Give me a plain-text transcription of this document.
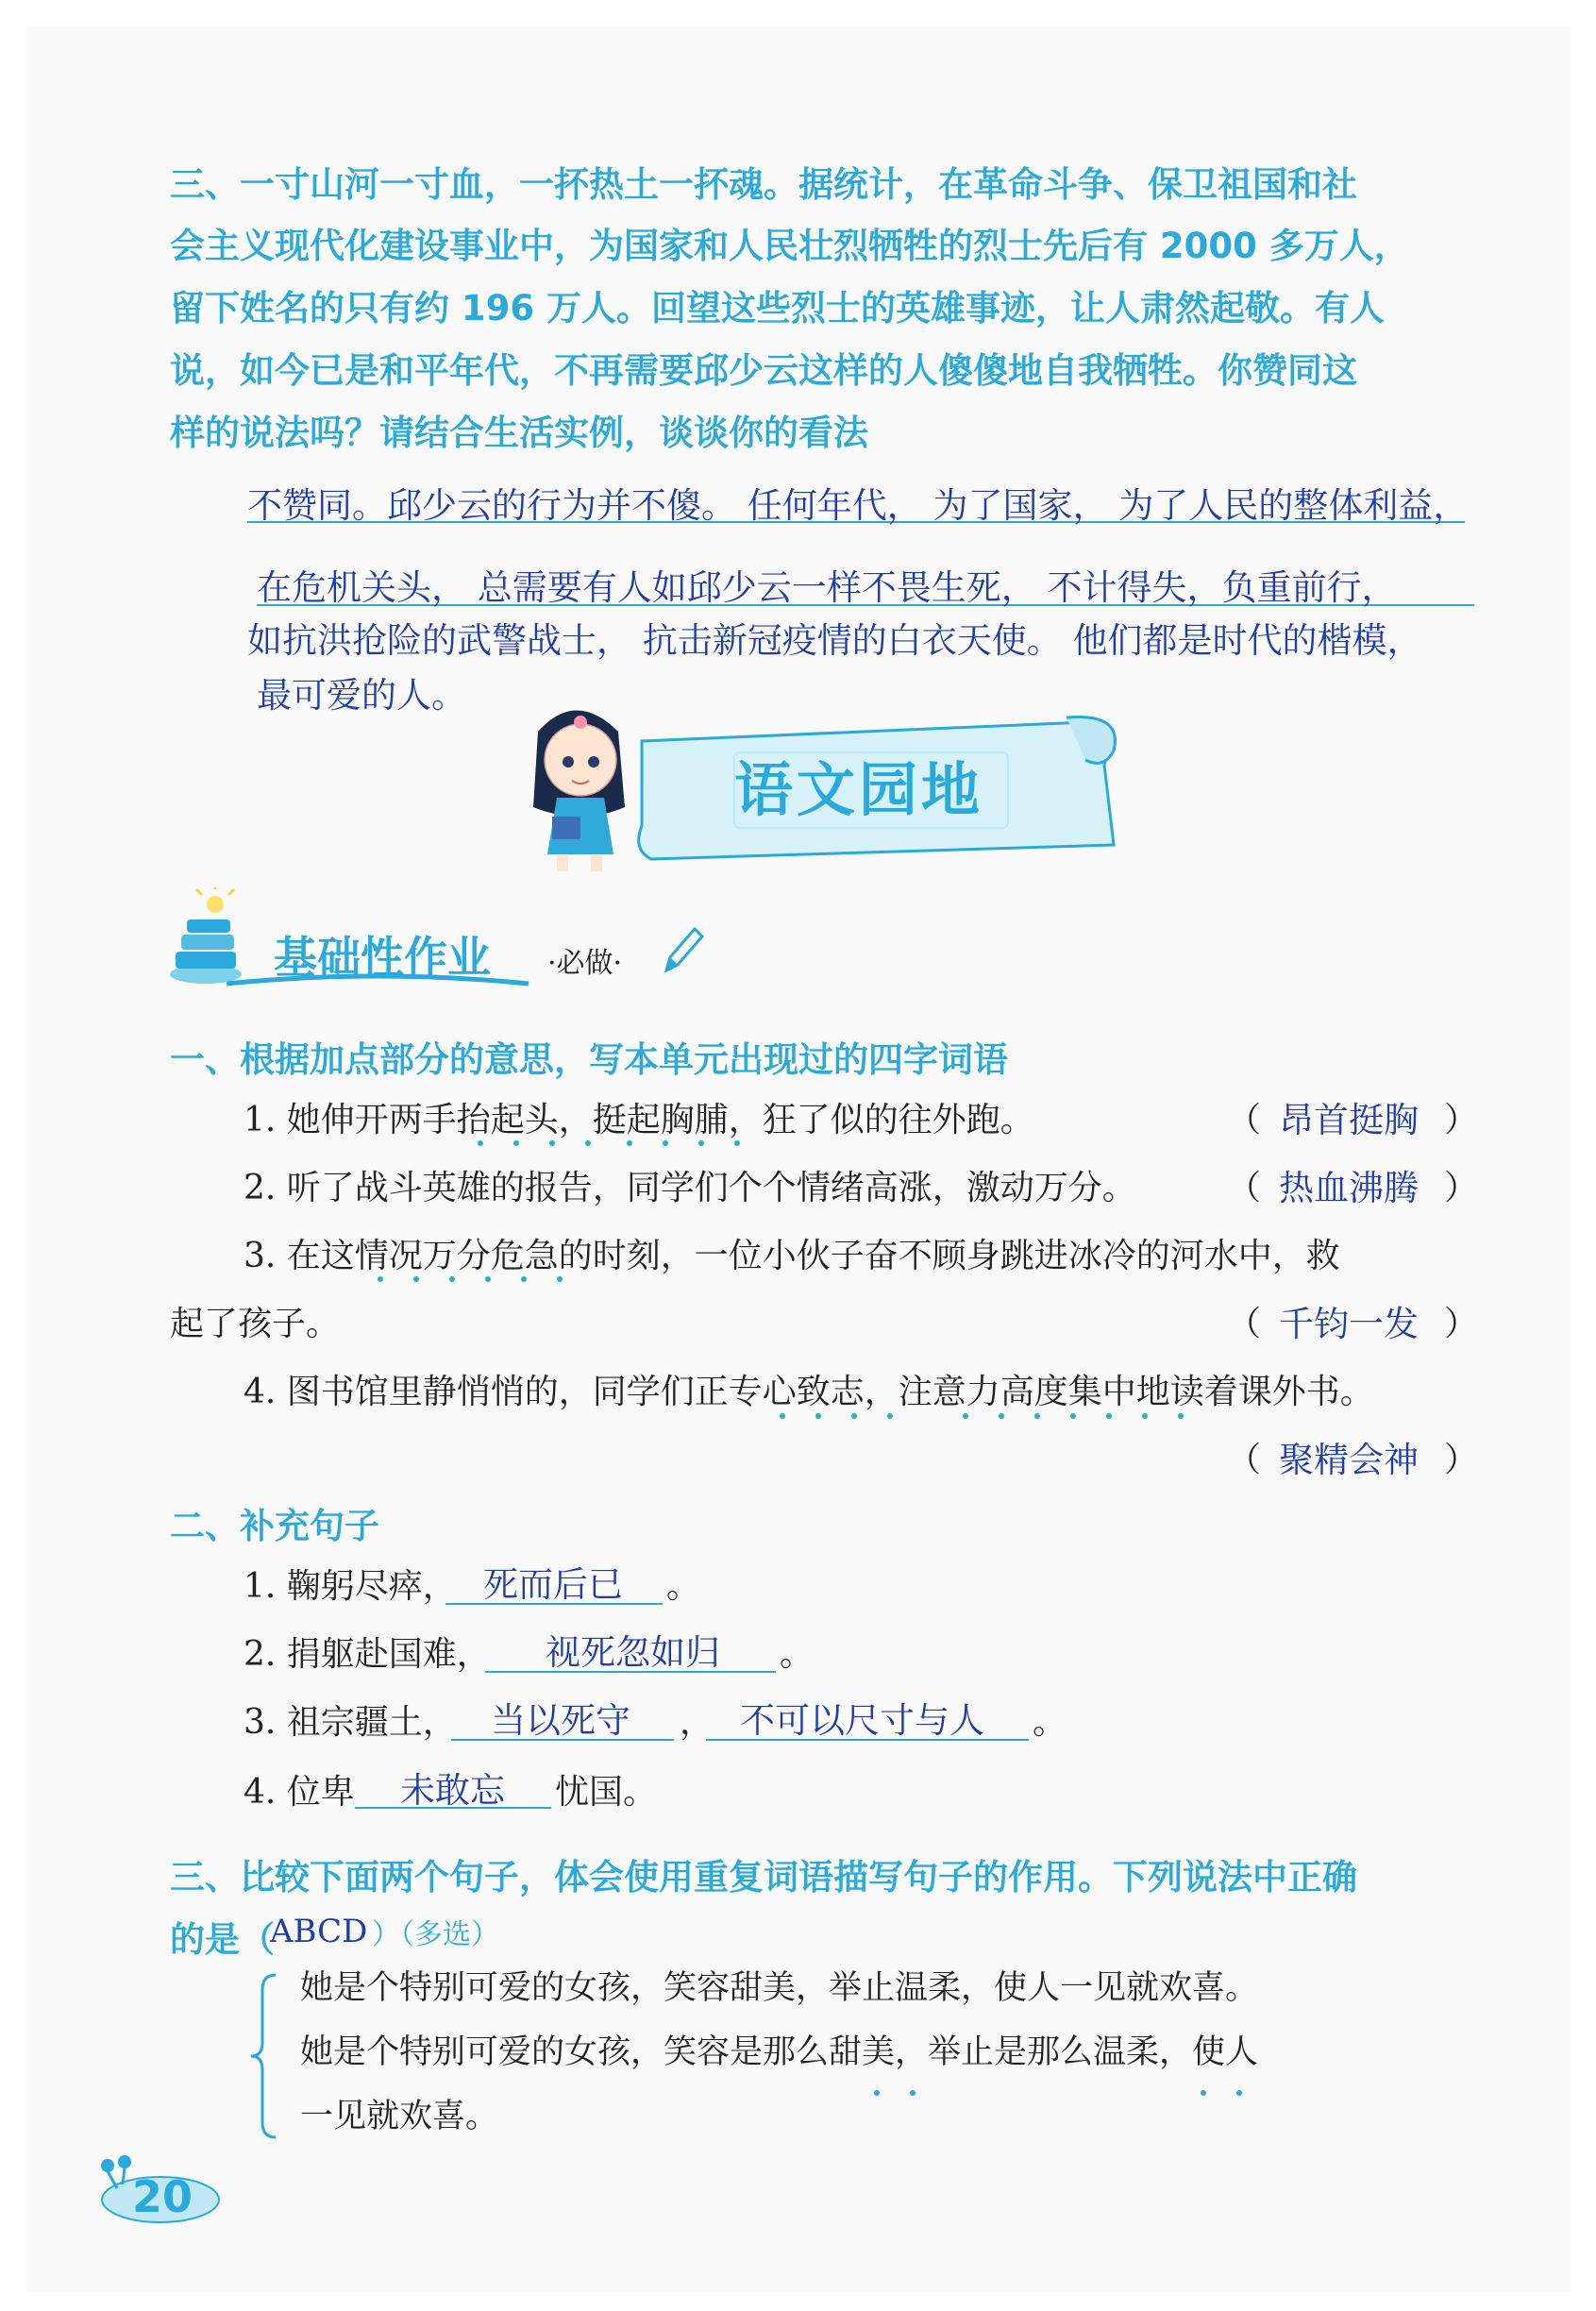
三、一寸山河一寸血，一抔热土一抔魂。据统计，在革命斗争、保卫祖国和社
会主义现代化建设事业中，为国家和人民壮烈牺牲的烈士先后有 2000 多万人，
留下姓名的只有约 196 万人。回望这些烈士的英雄事迹，让人肃然起敬。有人
说，如今已是和平年代，不再需要邱少云这样的人傻傻地自我牺牲。你赞同这
样的说法吗？请结合生活实例，谈谈你的看法
不赞同。邱少云的行为并不傻。 任何年代， 为了国家， 为了人民的整体利益，
在危机关头， 总需要有人如邱少云一样不畏生死， 不计得失，负重前行，
如抗洪抢险的武警战士， 抗击新冠疫情的白衣天使。 他们都是时代的楷模，
最可爱的人。
语文园地
基础性作业 ·必做·
一、根据加点部分的意思，写本单元出现过的四字词语
1. 她伸开两手抬起头，挺起胸脯，狂了似的往外跑。	（ 昂首挺胸 ）
2. 听了战斗英雄的报告，同学们个个情绪高涨，激动万分。	（ 热血沸腾 ）
3. 在这情况万分危急的时刻，一位小伙子奋不顾身跳进冰冷的河水中，救
起了孩子。	（ 千钧一发 ）
4. 图书馆里静悄悄的，同学们正专心致志，注意力高度集中地读着课外书。
（ 聚精会神 ）
二、补充句子
1. 鞠躬尽瘁， 死而后已 。
2. 捐躯赴国难， 视死忽如归 。
3. 祖宗疆土， 当以死守 ， 不可以尺寸与人 。
4. 位卑 未敢忘 忧国。
三、比较下面两个句子，体会使用重复词语描写句子的作用。下列说法中正确
的是（
ABCD ）（多选）
她是个特别可爱的女孩，笑容甜美，举止温柔，使人一见就欢喜。
她是个特别可爱的女孩，笑容是那么甜美，举止是那么温柔，使人
一见就欢喜。
20
